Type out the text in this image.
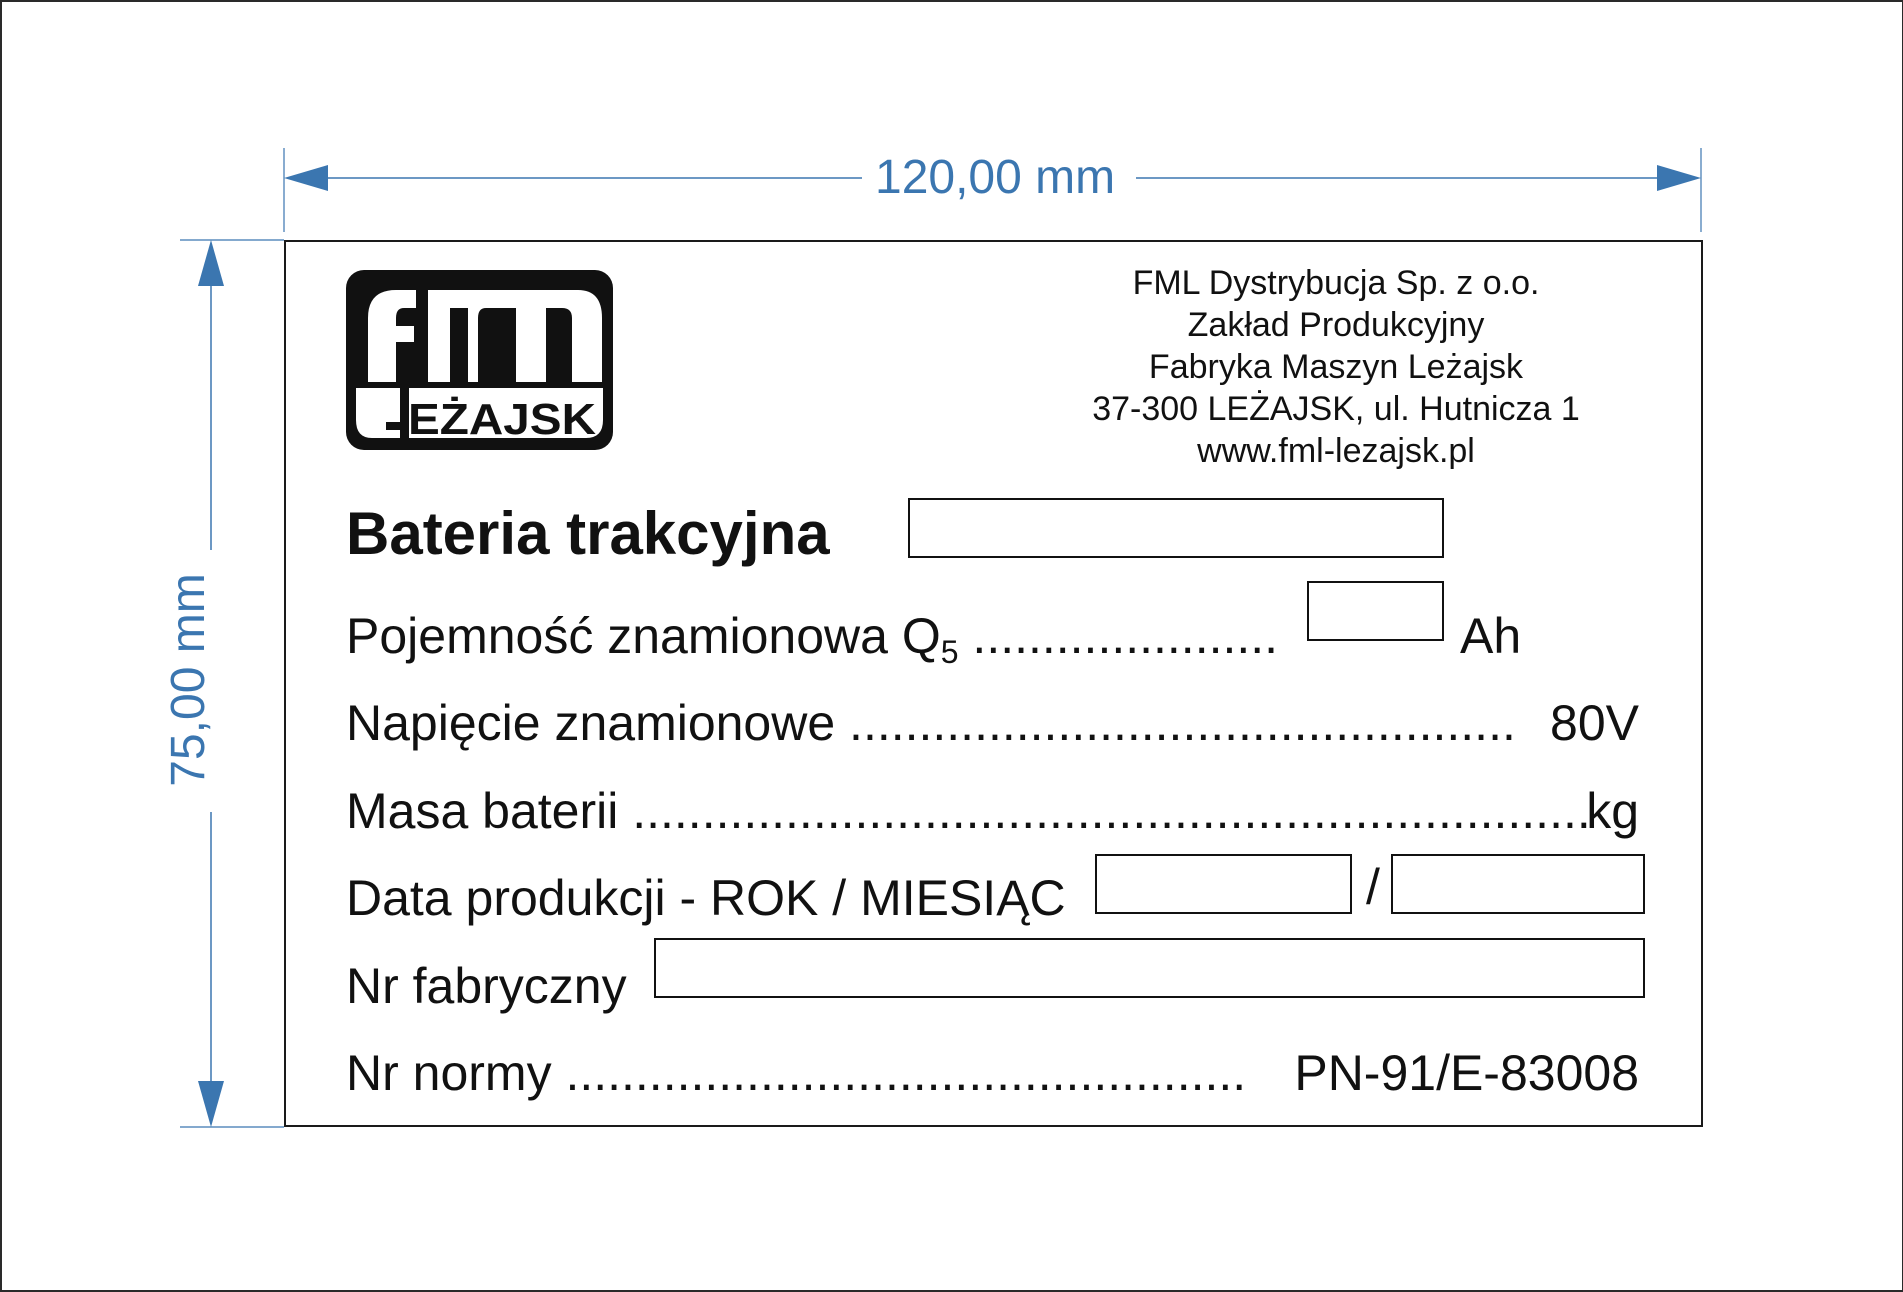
120,00 mm
75,00 mm
EŻAJSK
FML Dystrybucja Sp. z o.o.
Zakład Produkcyjny
Fabryka Maszyn Leżajsk
37-300 LEŻAJSK, ul. Hutnicza 1
www.fml-lezajsk.pl
Bateria trakcyjna
Pojemność znamionowa $Q_5$ ......................	Ah
Napięcie znamionowe ................................................ 80V
Masa baterii .....................................................................
kg
Data produkcji - ROK / MIESIĄC	/
Nr fabryczny
Nr normy ................................................. PN-91/E-83008
